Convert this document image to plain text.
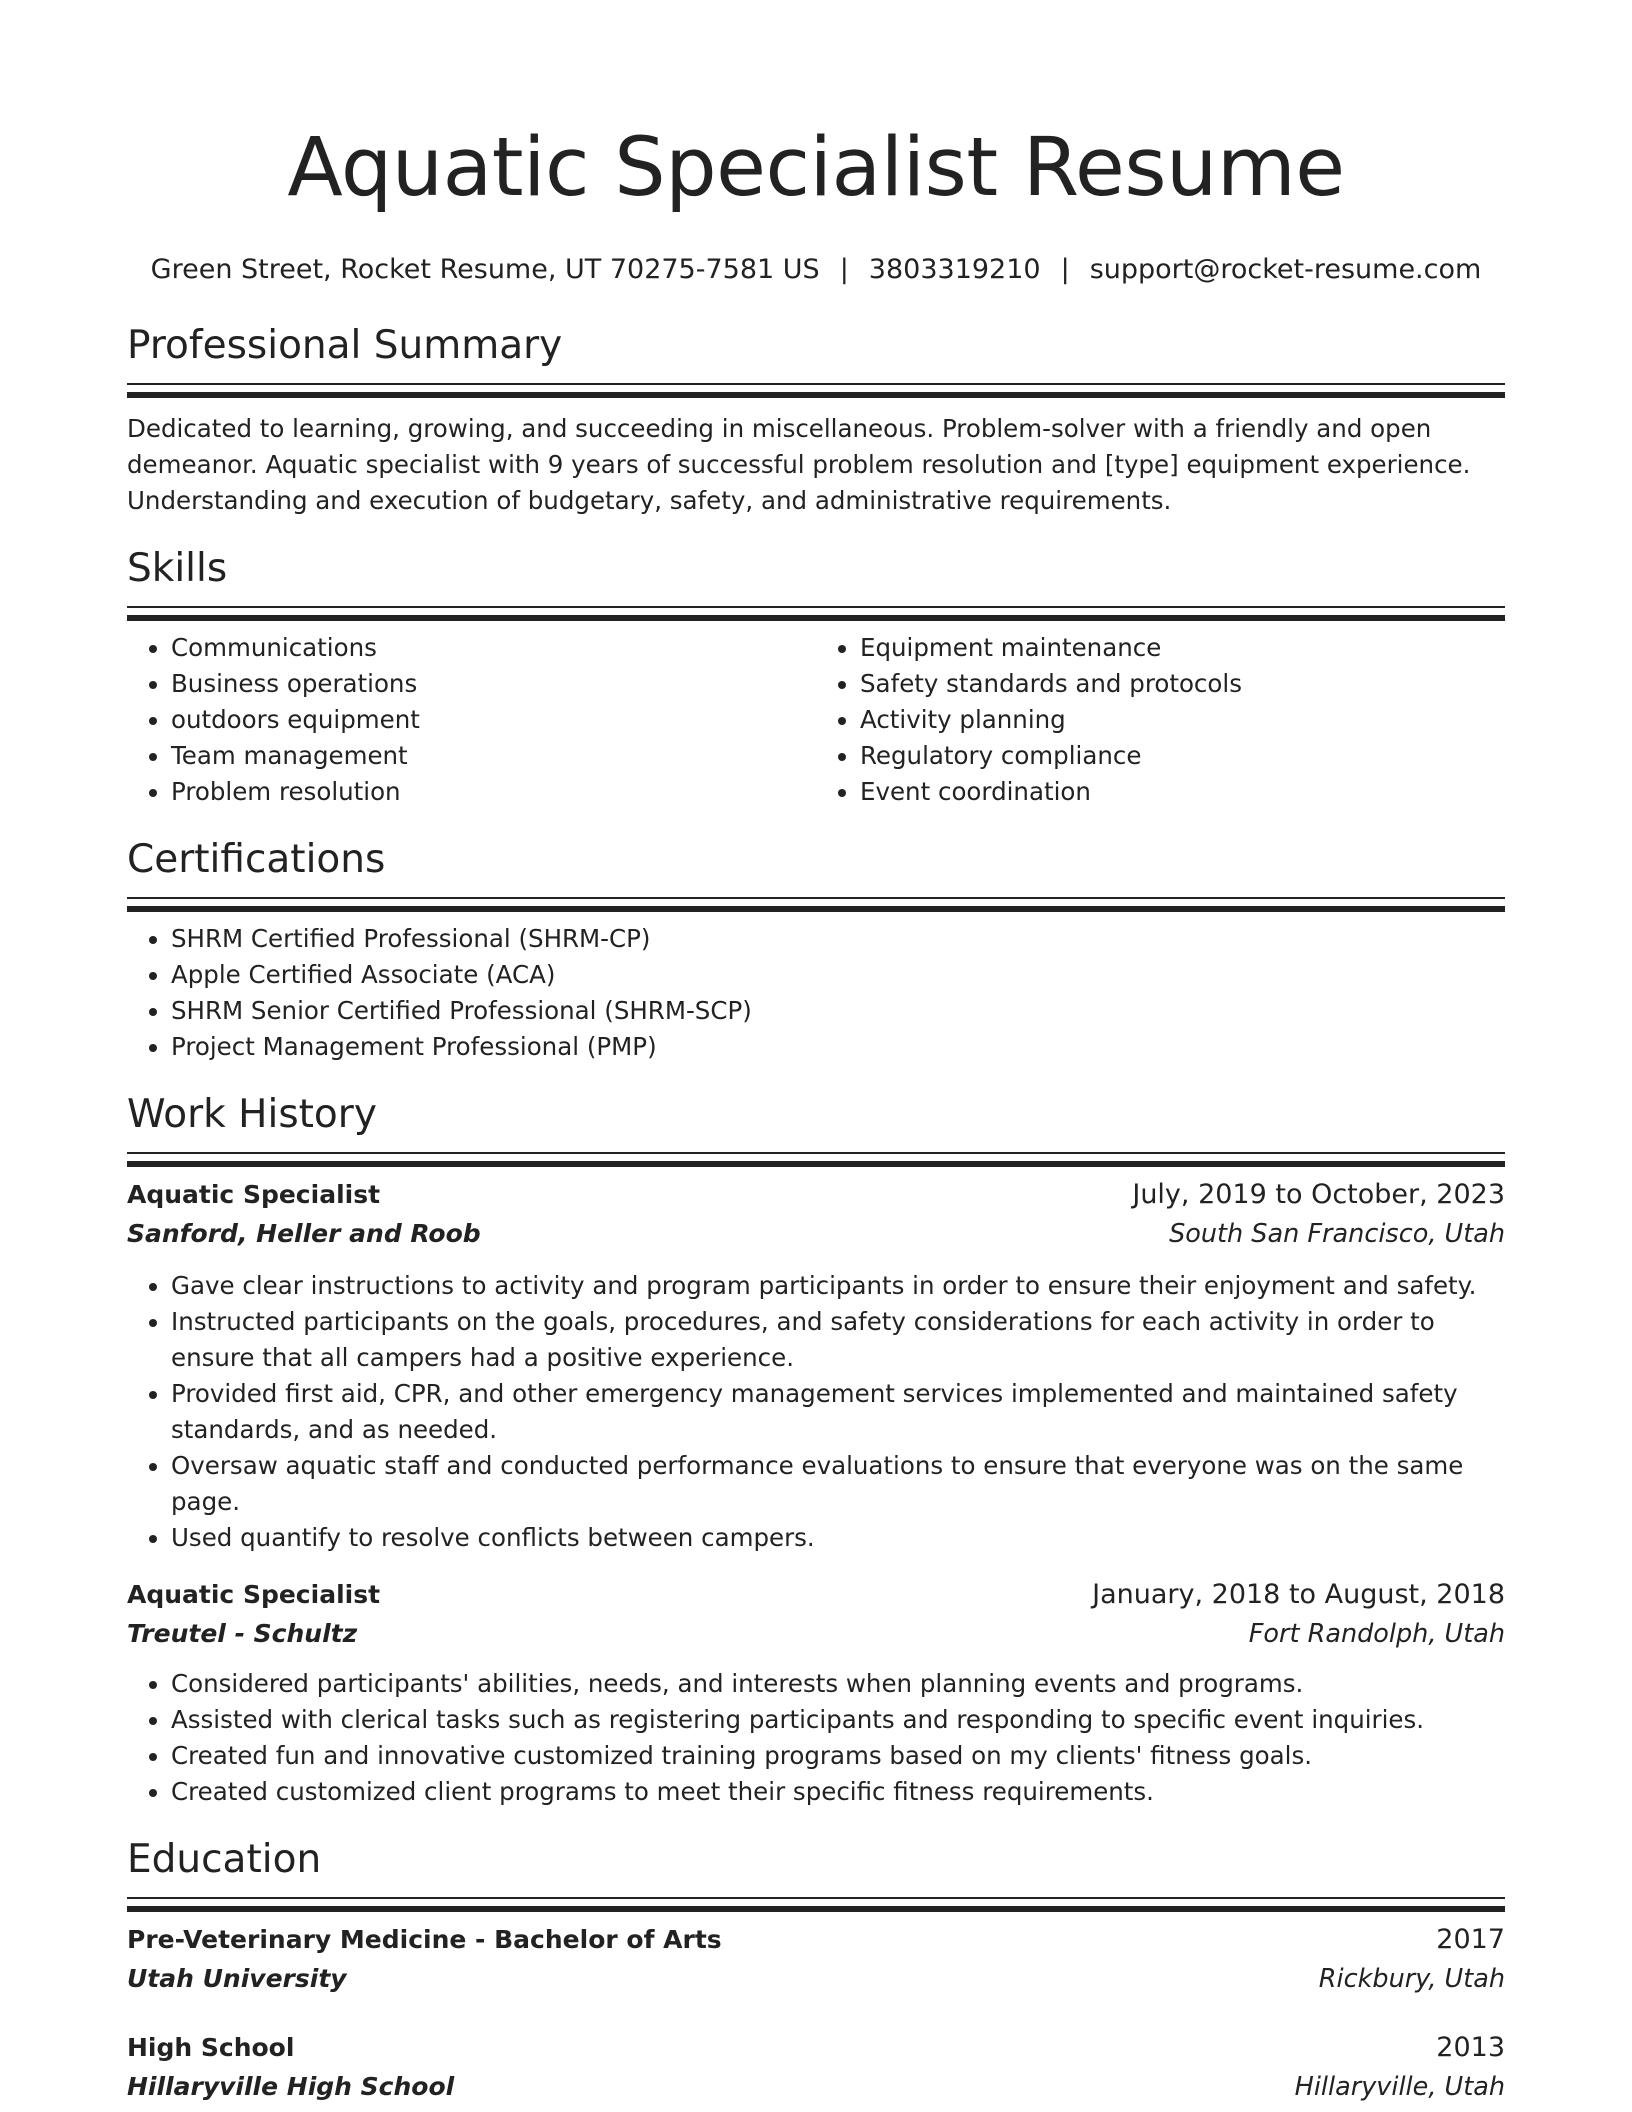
Aquatic Specialist Resume
Green Street, Rocket Resume, UT 70275-7581 US | 3803319210 | support@rocket-resume.com
Professional Summary

Dedicated to learning, growing, and succeeding in miscellaneous. Problem-solver with a friendly and open demeanor. Aquatic specialist with 9 years of successful problem resolution and [type] equipment experience. Understanding and execution of budgetary, safety, and administrative requirements.

Skills
• Communications
• Business operations
• outdoors equipment
• Team management
• Problem resolution
• Equipment maintenance
• Safety standards and protocols
• Activity planning
• Regulatory compliance
• Event coordination
Certifications
• SHRM Certified Professional (SHRM-CP)
• Apple Certified Associate (ACA)
• SHRM Senior Certified Professional (SHRM-SCP)
• Project Management Professional (PMP)
Work History
Aquatic Specialist	July, 2019 to October, 2023
Sanford, Heller and Roob	South San Francisco, Utah
• Gave clear instructions to activity and program participants in order to ensure their enjoyment and safety.
• Instructed participants on the goals, procedures, and safety considerations for each activity in order to ensure that all campers had a positive experience.
• Provided first aid, CPR, and other emergency management services implemented and maintained safety standards, and as needed.
• Oversaw aquatic staff and conducted performance evaluations to ensure that everyone was on the same page.
• Used quantify to resolve conflicts between campers.
Aquatic Specialist	January, 2018 to August, 2018
Treutel - Schultz	Fort Randolph, Utah
• Considered participants' abilities, needs, and interests when planning events and programs.
• Assisted with clerical tasks such as registering participants and responding to specific event inquiries.
• Created fun and innovative customized training programs based on my clients' fitness goals.
• Created customized client programs to meet their specific fitness requirements.
Education
Pre-Veterinary Medicine - Bachelor of Arts	2017
Utah University	Rickbury, Utah
High School	2013
Hillaryville High School	Hillaryville, Utah
